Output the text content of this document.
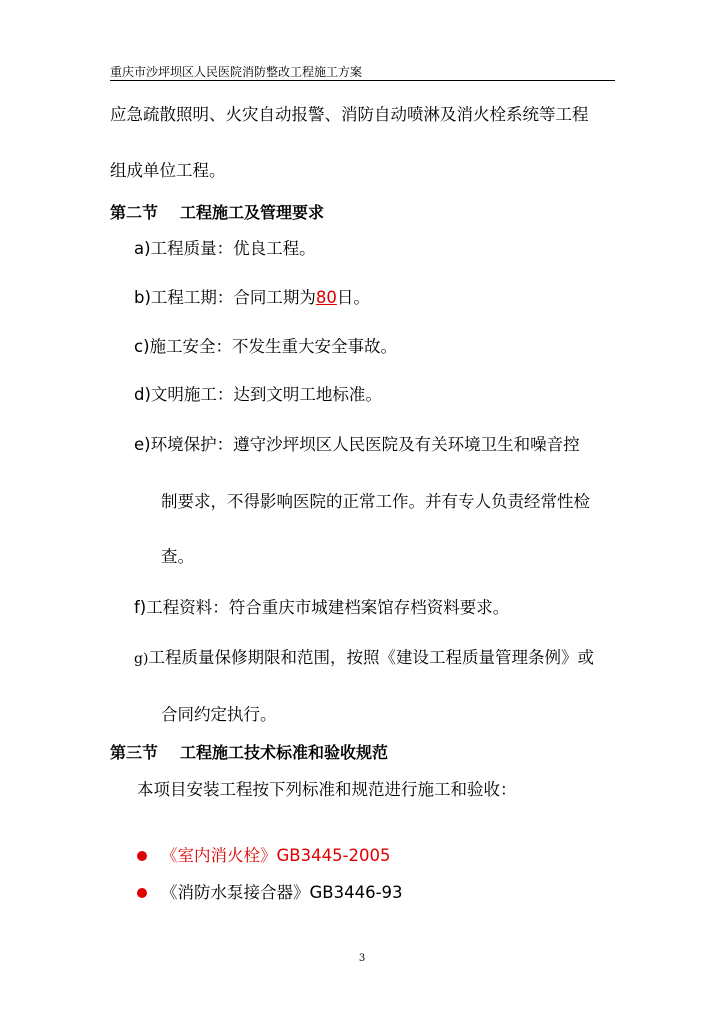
重庆市沙坪坝区人民医院消防整改工程施工方案
应急疏散照明、火灾自动报警、消防自动喷淋及消火栓系统等工程
组成单位工程。
第二节 工程施工及管理要求
a)工程质量：优良工程。
b)工程工期：合同工期为80日。
c)施工安全：不发生重大安全事故。
d)文明施工：达到文明工地标准。
e)环境保护：遵守沙坪坝区人民医院及有关环境卫生和噪音控
制要求，不得影响医院的正常工作。并有专人负责经常性检
查。
f)工程资料：符合重庆市城建档案馆存档资料要求。
g)工程质量保修期限和范围，按照《建设工程质量管理条例》或
合同约定执行。
第三节 工程施工技术标准和验收规范
本项目安装工程按下列标准和规范进行施工和验收：
《室内消火栓》GB3445-2005
《消防水泵接合器》GB3446-93
3
